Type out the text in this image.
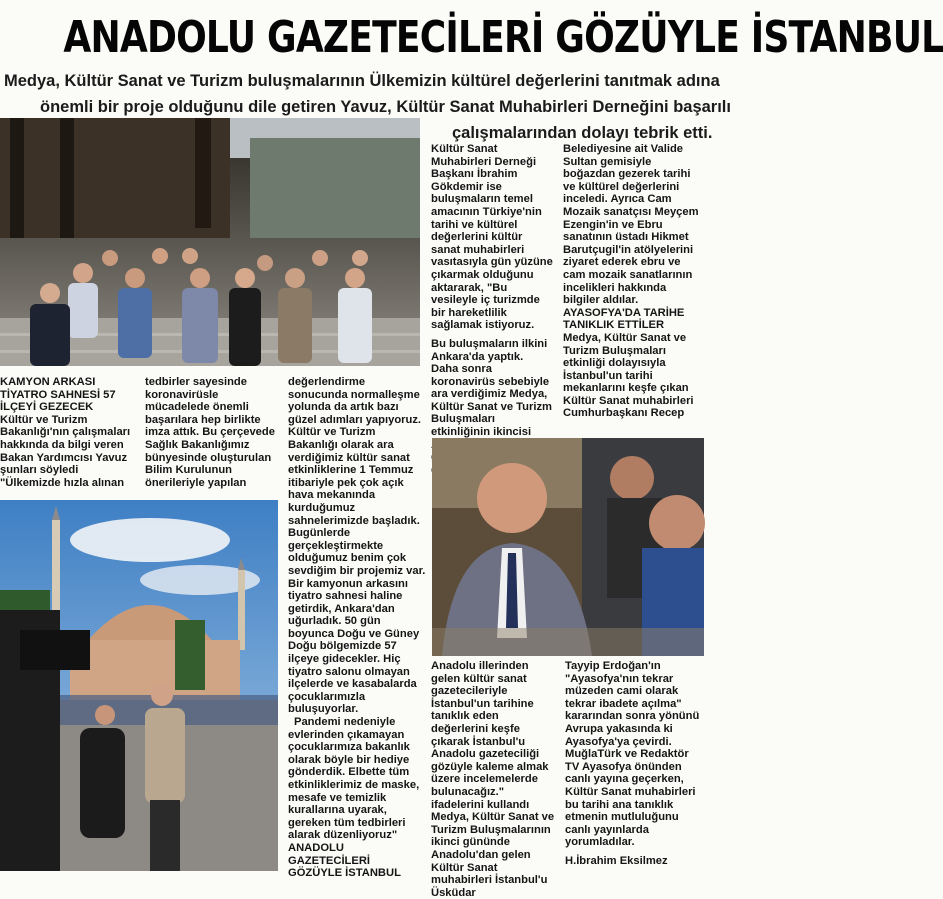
ANADOLU GAZETECİLERİ GÖZÜYLE İSTANBUL
Medya, Kültür Sanat ve Turizm buluşmalarının Ülkemizin kültürel değerlerini tanıtmak adına
önemli bir proje olduğunu dile getiren Yavuz, Kültür Sanat Muhabirleri Derneğini başarılı
çalışmalarından dolayı tebrik etti.

Kültür Sanat Muhabirleri Derneği Başkanı İbrahim Gökdemir ise buluşmaların temel amacının Türkiye'nin tarihi ve kültürel değerlerini kültür sanat muhabirleri vasıtasıyla gün yüzüne çıkarmak olduğunu aktararak, "Bu vesileyle iç turizmde bir hareketlilik sağlamak istiyoruz.

Bu buluşmaların ilkini Ankara'da yaptık. Daha sonra koronavirüs sebebiyle ara verdiğimiz Medya, Kültür Sanat ve Turizm Buluşmaları etkinliğinin ikincisi

Belediyesine ait Valide Sultan gemisiyle boğazdan gezerek tarihi ve kültürel değerlerini inceledi. Ayrıca Cam Mozaik sanatçısı Meyçem Ezengin'in ve Ebru sanatının üstadı Hikmet Barutçugil'in atölyelerini ziyaret ederek ebru ve cam mozaik sanatlarının incelikleri hakkında bilgiler aldılar.

AYASOFYA'DA TARİHE TANIKLIK ETTİLER

Medya, Kültür Sanat ve Turizm Buluşmaları etkinliği dolayısıyla İstanbul'un tarihi mekanlarını keşfe çıkan Kültür Sanat muhabirleri Cumhurbaşkanı Recep

KAMYON ARKASI TİYATRO SAHNESİ 57 İLÇEYİ GEZECEK

Kültür ve Turizm Bakanlığı'nın çalışmaları hakkında da bilgi veren Bakan Yardımcısı Yavuz şunları söyledi "Ülkemizde hızla alınan

tedbirler sayesinde koronavirüsle mücadelede önemli başarılara hep birlikte imza attık. Bu çerçevede Sağlık Bakanlığımız bünyesinde oluşturulan Bilim Kurulunun önerileriyle yapılan

değerlendirme sonucunda normalleşme yolunda da artık bazı güzel adımları yapıyoruz. Kültür ve Turizm Bakanlığı olarak ara verdiğimiz kültür sanat etkinliklerine 1 Temmuz itibariyle pek çok açık hava mekanında kurduğumuz sahnelerimizde başladık. Bugünlerde gerçekleştirmekte olduğumuz benim çok sevdiğim bir projemiz var. Bir kamyonun arkasını tiyatro sahnesi haline getirdik, Ankara'dan uğurladık. 50 gün boyunca Doğu ve Güney Doğu bölgemizde 57 ilçeye gidecekler. Hiç tiyatro salonu olmayan ilçelerde ve kasabalarda çocuklarımızla buluşuyorlar.

Pandemi nedeniyle evlerinden çıkamayan çocuklarımıza bakanlık olarak böyle bir hediye gönderdik. Elbette tüm etkinliklerimiz de maske, mesafe ve temizlik kurallarına uyarak, gereken tüm tedbirleri alarak düzenliyoruz"

ANADOLU GAZETECİLERİ GÖZÜYLE İSTANBUL

Anadolu illerinden gelen kültür sanat gazetecileriyle İstanbul'un tarihine tanıklık eden değerlerini keşfe çıkarak İstanbul'u Anadolu gazeteciliği gözüyle kaleme almak üzere incelemelerde bulunacağız." ifadelerini kullandı Medya, Kültür Sanat ve Turizm Buluşmalarının ikinci gününde Anadolu'dan gelen Kültür Sanat muhabirleri İstanbul'u Üsküdar

Tayyip Erdoğan'ın "Ayasofya'nın tekrar müzeden cami olarak tekrar ibadete açılma" kararından sonra yönünü Avrupa yakasında ki Ayasofya'ya çevirdi. MuğlaTürk ve Redaktör TV Ayasofya önünden canlı yayına geçerken, Kültür Sanat muhabirleri bu tarihi ana tanıklık etmenin mutluluğunu canlı yayınlarda yorumladılar.

H.İbrahim Eksilmez
